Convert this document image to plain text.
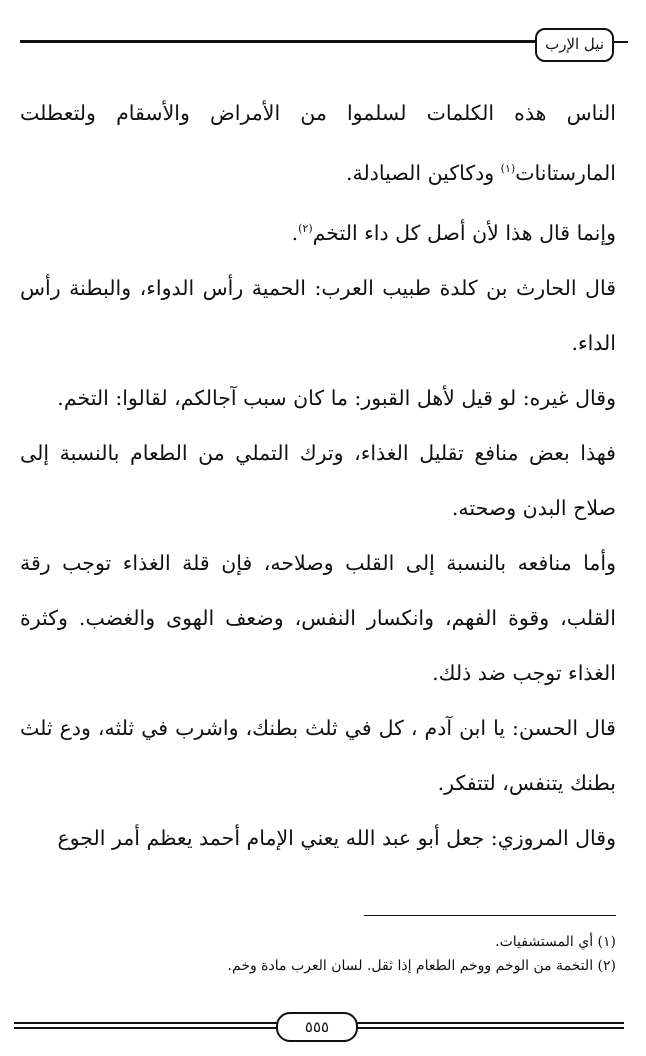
نيل الإرب

الناس هذه الكلمات لسلموا من الأمراض والأسقام ولتعطلت المارستانات$^{(١)}$ ودكاكين الصيادلة.

وإنما قال هذا لأن أصل كل داء التخم$^{(٢)}$.

قال الحارث بن كلدة طبيب العرب: الحمية رأس الدواء، والبطنة رأس الداء.

وقال غيره: لو قيل لأهل القبور: ما كان سبب آجالكم، لقالوا: التخم.

فهذا بعض منافع تقليل الغذاء، وترك التملي من الطعام بالنسبة إلى صلاح البدن وصحته.

وأما منافعه بالنسبة إلى القلب وصلاحه، فإن قلة الغذاء توجب رقة القلب، وقوة الفهم، وانكسار النفس، وضعف الهوى والغضب. وكثرة الغذاء توجب ضد ذلك.

قال الحسن: يا ابن آدم ، كل في ثلث بطنك، واشرب في ثلثه، ودع ثلث بطنك يتنفس، لتتفكر.

وقال المروزي: جعل أبو عبد الله يعني الإمام أحمد يعظم أمر الجوع

(١) أي المستشفيات.
(٢) التخمة من الوخم ووخم الطعام إذا ثقل. لسان العرب مادة وخم.
٥٥٥
